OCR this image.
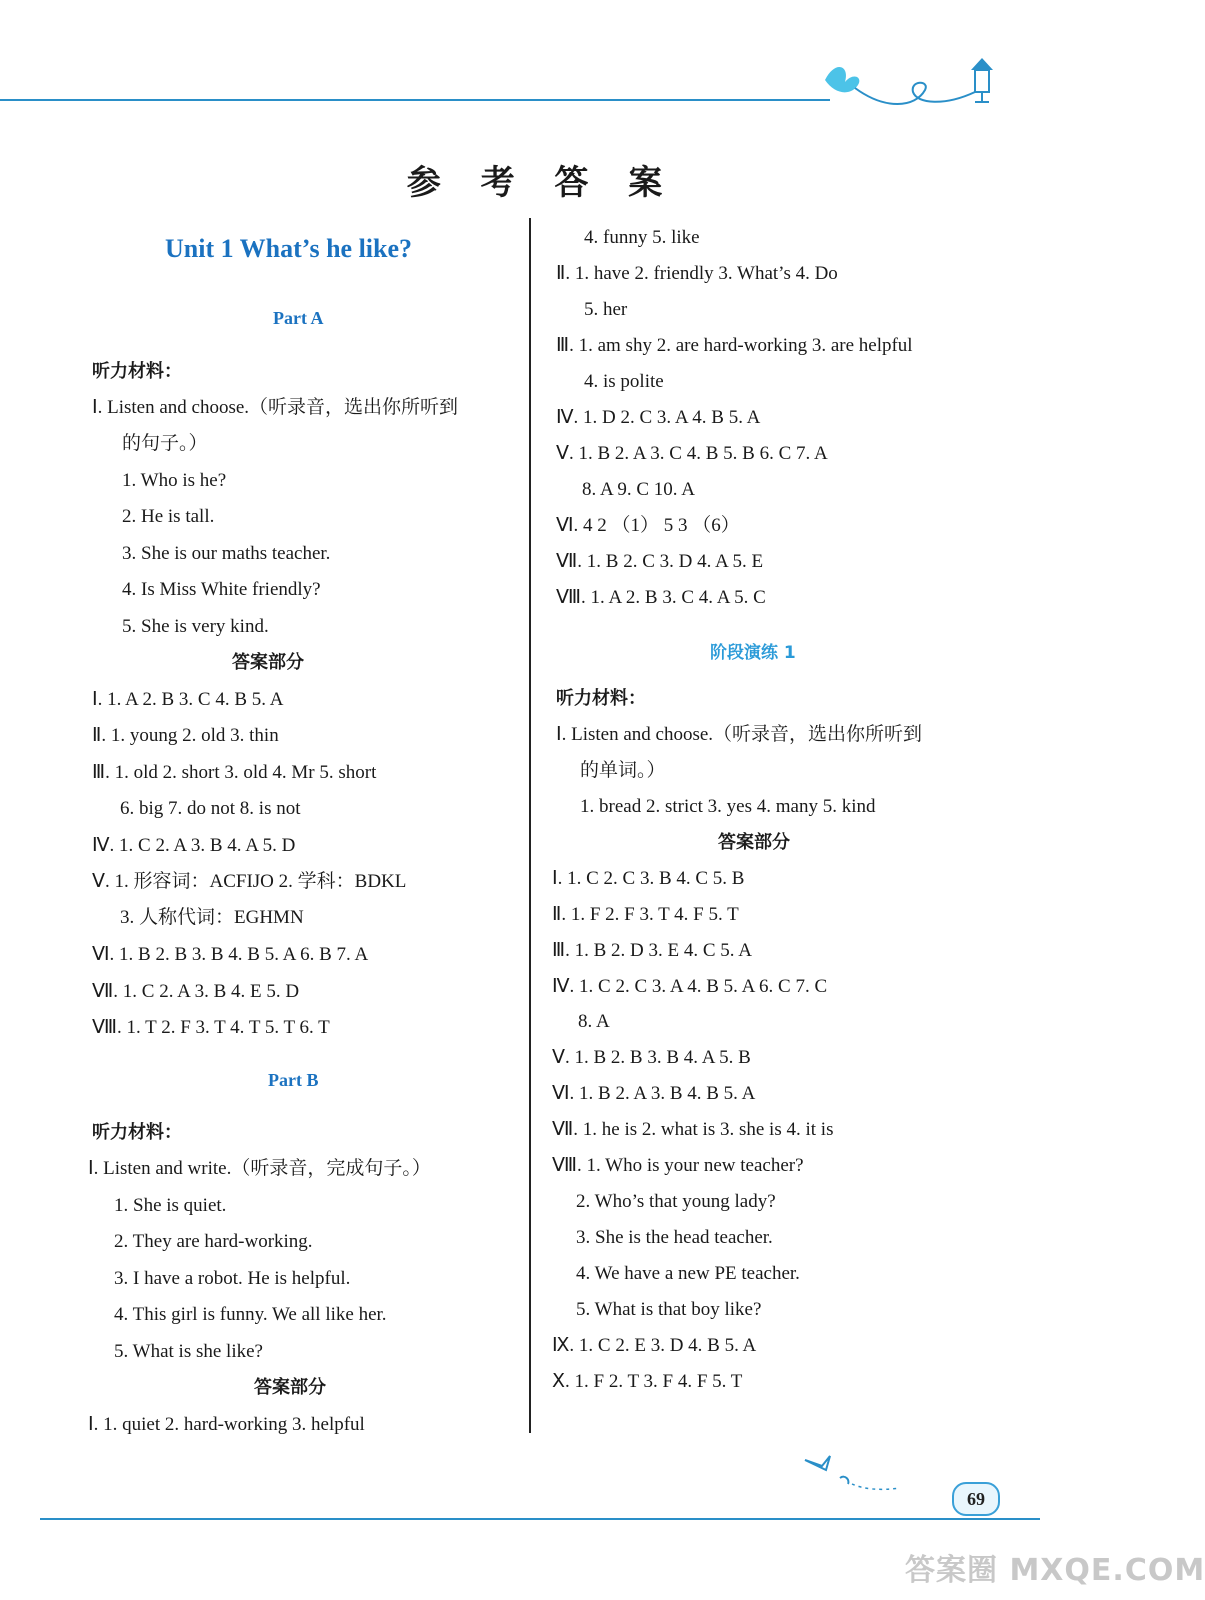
参 考 答 案
Unit 1 What’s he like?
Part A
听力材料：
Ⅰ. Listen and choose.（听录音，选出你所听到
的句子。）
1. Who is he?
2. He is tall.
3. She is our maths teacher.
4. Is Miss White friendly?
5. She is very kind.
答案部分
Ⅰ. 1. A 2. B 3. C 4. B 5. A
Ⅱ. 1. young 2. old 3. thin
Ⅲ. 1. old 2. short 3. old 4. Mr 5. short
6. big 7. do not 8. is not
Ⅳ. 1. C 2. A 3. B 4. A 5. D
Ⅴ. 1. 形容词：ACFIJO 2. 学科：BDKL
3. 人称代词：EGHMN
Ⅵ. 1. B 2. B 3. B 4. B 5. A 6. B 7. A
Ⅶ. 1. C 2. A 3. B 4. E 5. D
Ⅷ. 1. T 2. F 3. T 4. T 5. T 6. T
Part B
听力材料：
Ⅰ. Listen and write.（听录音，完成句子。）
1. She is quiet.
2. They are hard-working.
3. I have a robot. He is helpful.
4. This girl is funny. We all like her.
5. What is she like?
答案部分
Ⅰ. 1. quiet 2. hard-working 3. helpful
4. funny 5. like
Ⅱ. 1. have 2. friendly 3. What’s 4. Do
5. her
Ⅲ. 1. am shy 2. are hard-working 3. are helpful
4. is polite
Ⅳ. 1. D 2. C 3. A 4. B 5. A
Ⅴ. 1. B 2. A 3. C 4. B 5. B 6. C 7. A
8. A 9. C 10. A
Ⅵ. 4 2 （1） 5 3 （6）
Ⅶ. 1. B 2. C 3. D 4. A 5. E
Ⅷ. 1. A 2. B 3. C 4. A 5. C
阶段演练 1
听力材料：
Ⅰ. Listen and choose.（听录音，选出你所听到
的单词。）
1. bread 2. strict 3. yes 4. many 5. kind
答案部分
Ⅰ. 1. C 2. C 3. B 4. C 5. B
Ⅱ. 1. F 2. F 3. T 4. F 5. T
Ⅲ. 1. B 2. D 3. E 4. C 5. A
Ⅳ. 1. C 2. C 3. A 4. B 5. A 6. C 7. C
8. A
Ⅴ. 1. B 2. B 3. B 4. A 5. B
Ⅵ. 1. B 2. A 3. B 4. B 5. A
Ⅶ. 1. he is 2. what is 3. she is 4. it is
Ⅷ. 1. Who is your new teacher?
2. Who’s that young lady?
3. She is the head teacher.
4. We have a new PE teacher.
5. What is that boy like?
Ⅸ. 1. C 2. E 3. D 4. B 5. A
Ⅹ. 1. F 2. T 3. F 4. F 5. T
69
答案圈 MXQE.COM
